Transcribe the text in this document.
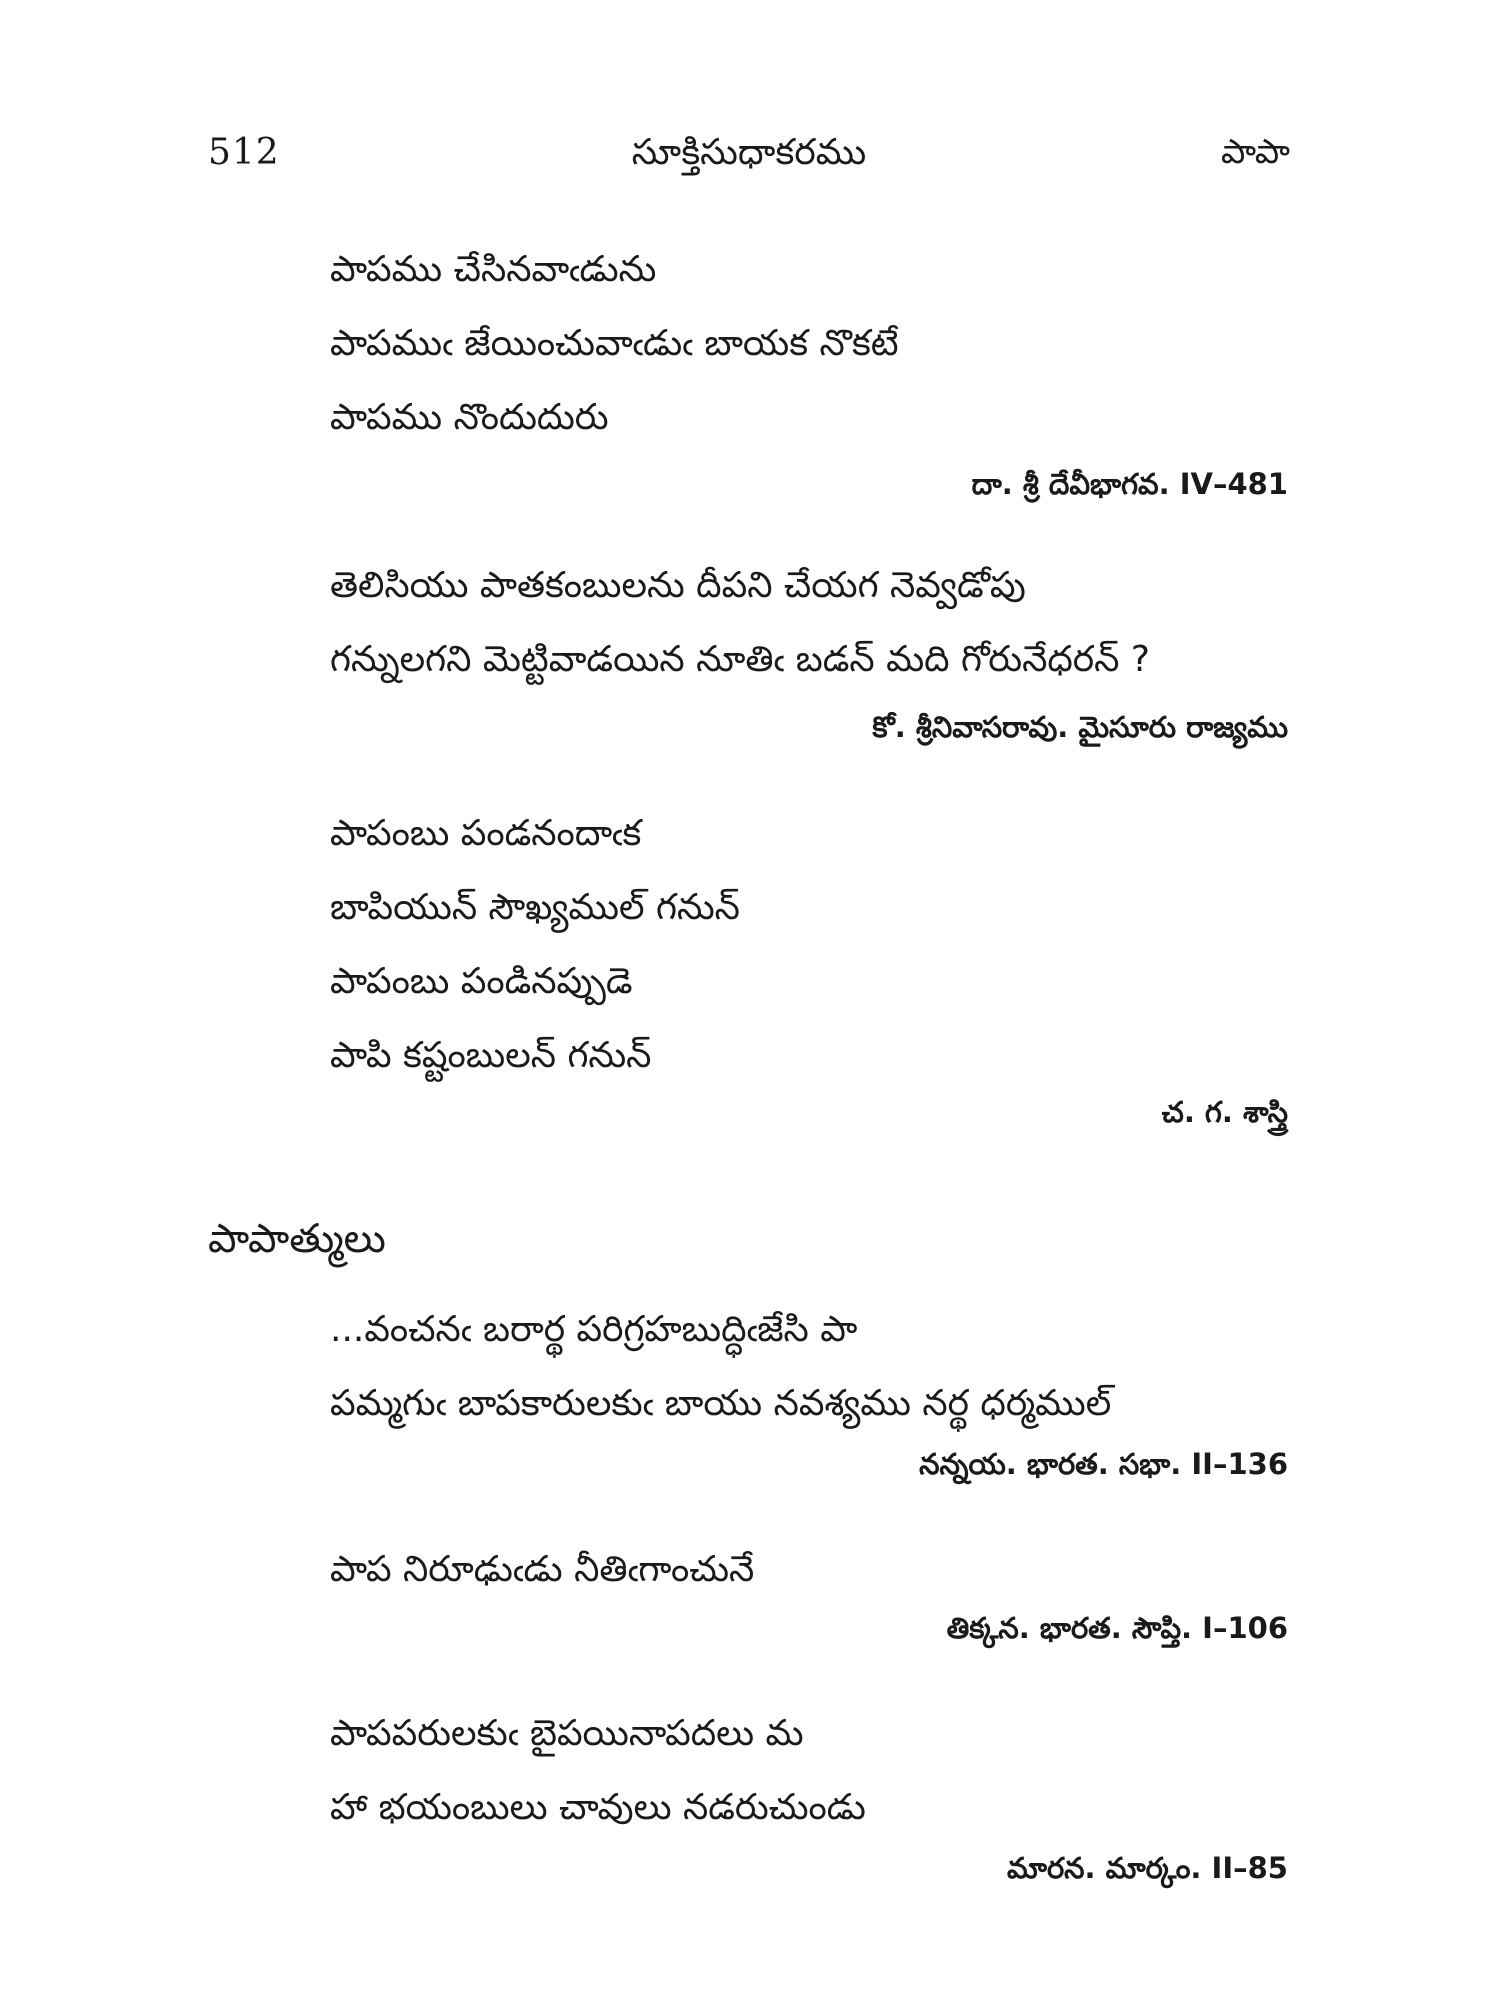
512	సూక్తిసుధాకరము	పాపా
పాపము చేసినవాఁడును
పాపముఁ జేయించువాఁడుఁ బాయక నొకటే
పాపము నొందుదురు
దా. శ్రీ దేవీభాగవ. IV–481
తెలిసియు పాతకంబులను దీపని చేయగ నెవ్వడోపు
గన్నులగని మెట్టివాడయిన నూతిఁ బడన్ మది గోరునేధరన్ ?
కో. శ్రీనివాసరావు. మైసూరు రాజ్యము
పాపంబు పండనందాఁక
బాపియున్ సౌఖ్యముల్ గనున్
పాపంబు పండినప్పుడె
పాపి కష్టంబులన్ గనున్
చ. గ. శాస్త్రి
పాపాత్ములు
...వంచనఁ బరార్థ పరిగ్రహబుద్ధిఁజేసి పా
పమ్మగుఁ బాపకారులకుఁ బాయు నవశ్యము నర్థ ధర్మముల్
నన్నయ. భారత. సభా. II–136
పాప నిరూఢుఁడు నీతిఁగాంచునే
తిక్కన. భారత. సౌప్తి. I–106
పాపపరులకుఁ బైపయినాపదలు మ
హా భయంబులు చావులు నడరుచుండు
మారన. మార్కం. II–85
